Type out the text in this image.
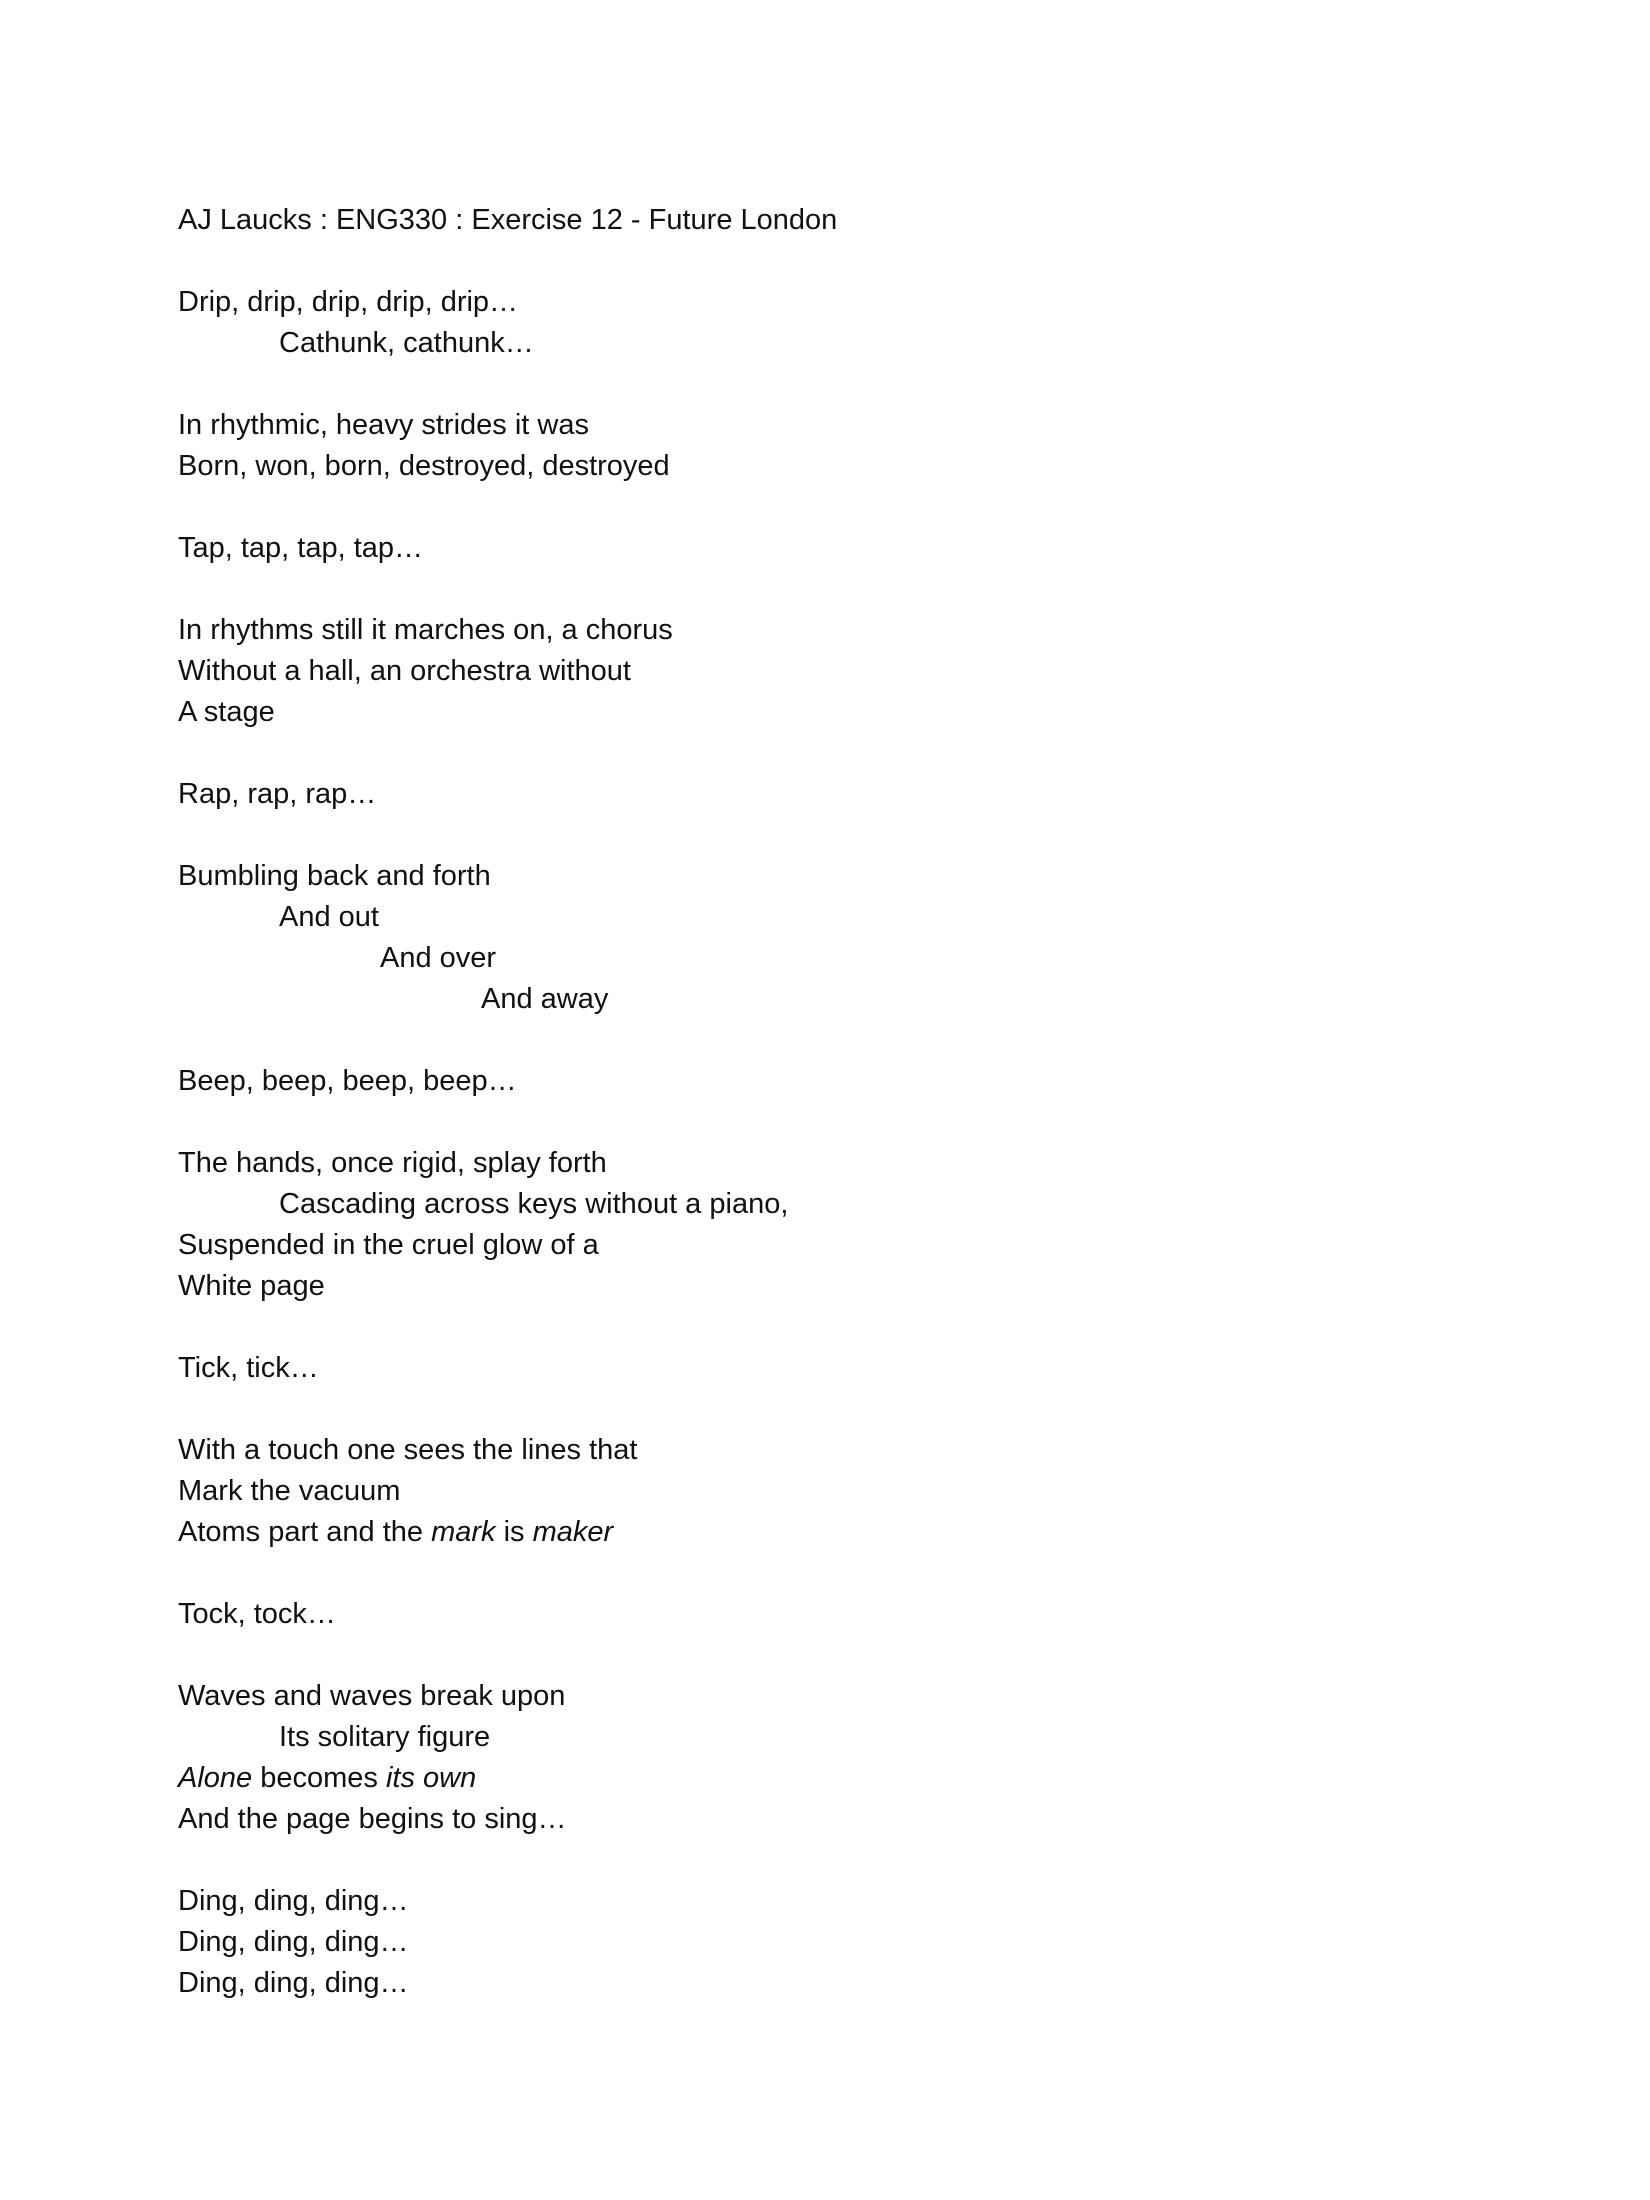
AJ Laucks : ENG330 : Exercise 12 - Future London
Drip, drip, drip, drip, drip…
Cathunk, cathunk…
In rhythmic, heavy strides it was
Born, won, born, destroyed, destroyed
Tap, tap, tap, tap…
In rhythms still it marches on, a chorus
Without a hall, an orchestra without
A stage
Rap, rap, rap…
Bumbling back and forth
And out
And over
And away
Beep, beep, beep, beep…
The hands, once rigid, splay forth
Cascading across keys without a piano,
Suspended in the cruel glow of a
White page
Tick, tick…
With a touch one sees the lines that
Mark the vacuum
Atoms part and the mark is maker
Tock, tock…
Waves and waves break upon
Its solitary figure
Alone becomes its own
And the page begins to sing…
Ding, ding, ding…
Ding, ding, ding…
Ding, ding, ding…
